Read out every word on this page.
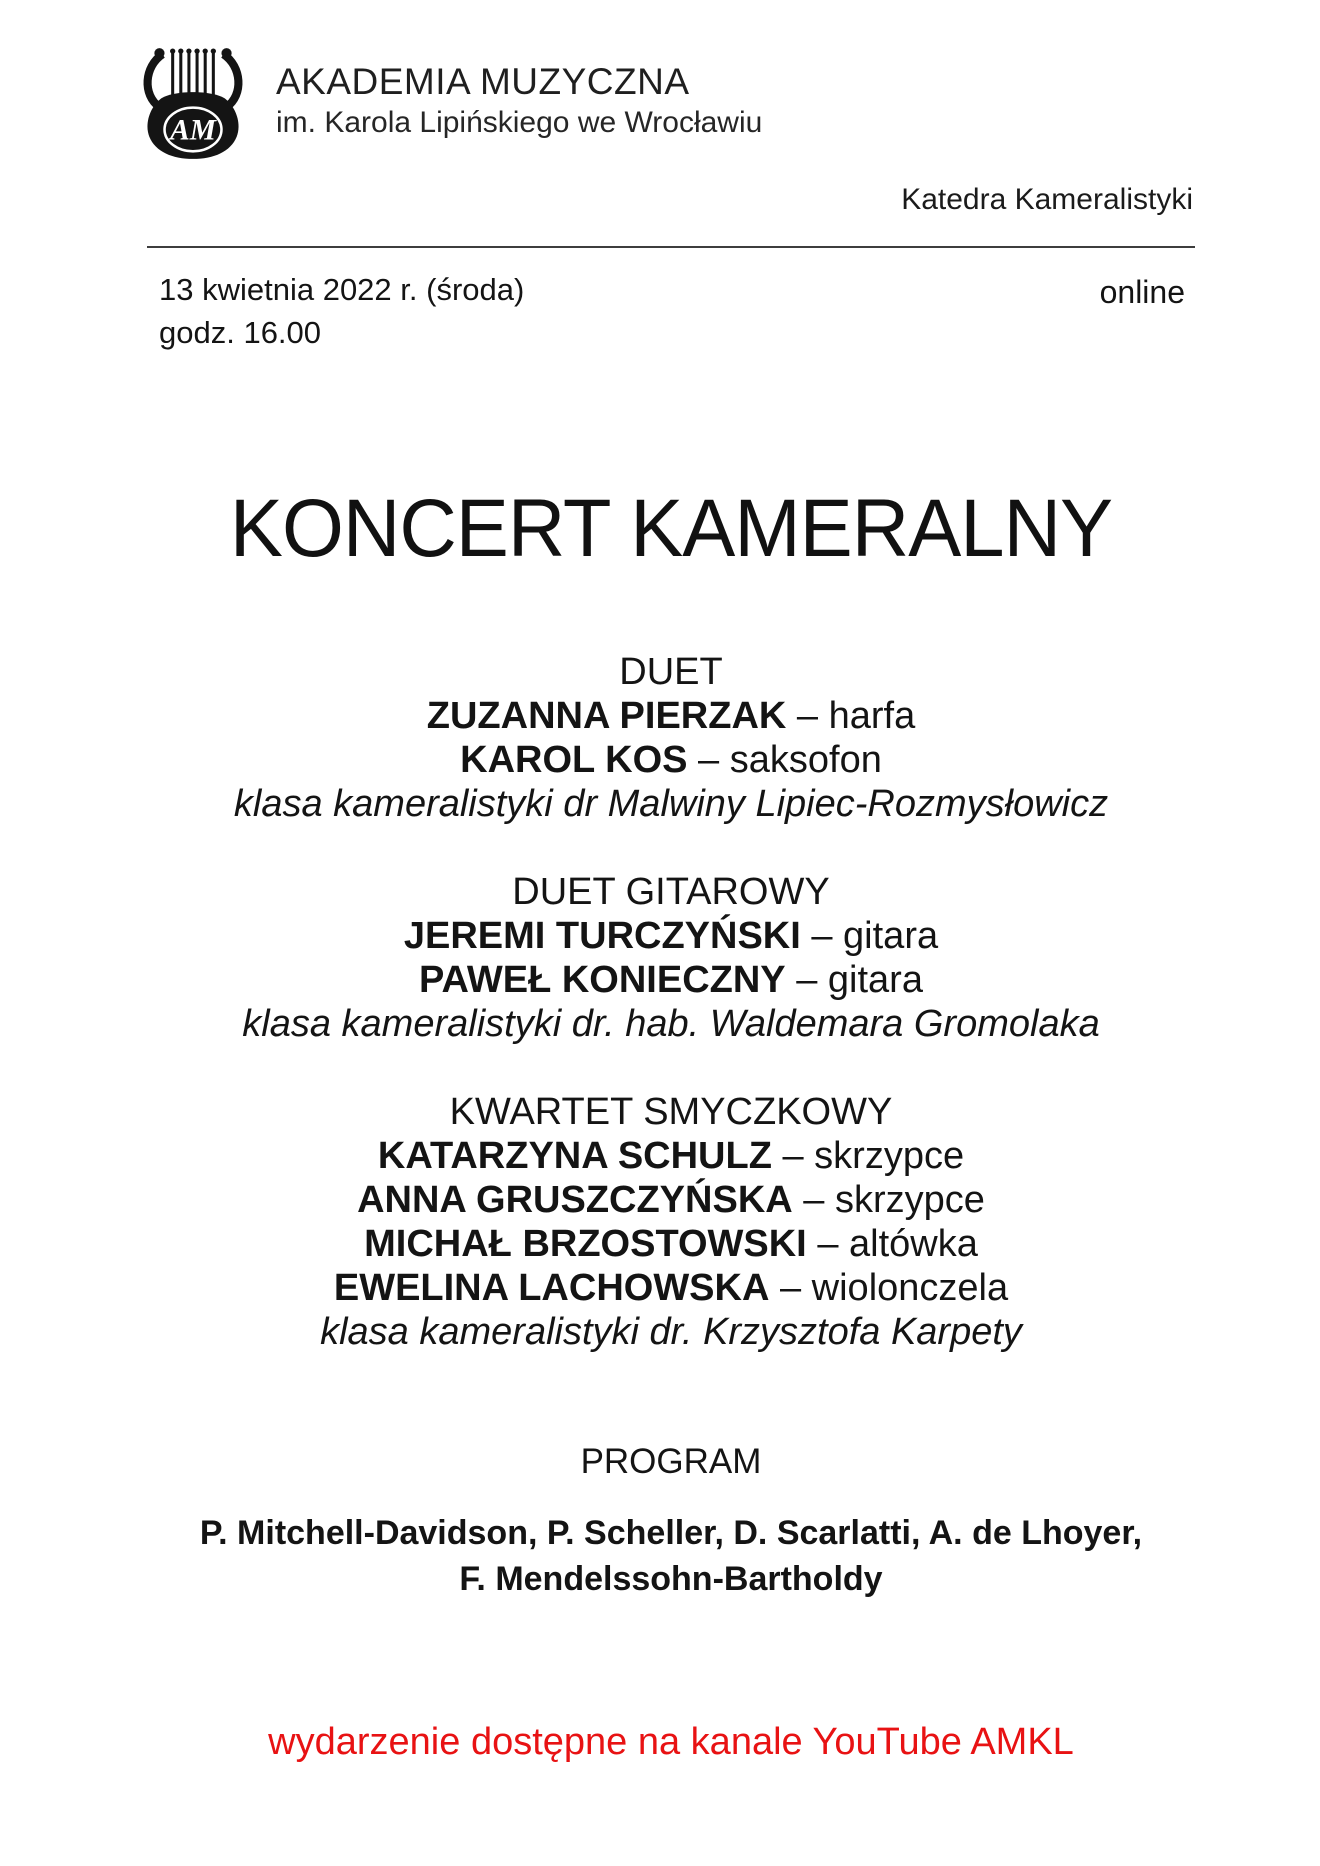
AM
AKADEMIA MUZYCZNA
im. Karola Lipińskiego we Wrocławiu
Katedra Kameralistyki
13 kwietnia 2022 r. (środa)
godz. 16.00
online
KONCERT KAMERALNY
DUET
ZUZANNA PIERZAK – harfa
KAROL KOS – saksofon
klasa kameralistyki dr Malwiny Lipiec-Rozmysłowicz
DUET GITAROWY
JEREMI TURCZYŃSKI – gitara
PAWEŁ KONIECZNY – gitara
klasa kameralistyki dr. hab. Waldemara Gromolaka
KWARTET SMYCZKOWY
KATARZYNA SCHULZ – skrzypce
ANNA GRUSZCZYŃSKA – skrzypce
MICHAŁ BRZOSTOWSKI – altówka
EWELINA LACHOWSKA – wiolonczela
klasa kameralistyki dr. Krzysztofa Karpety
PROGRAM
P. Mitchell-Davidson, P. Scheller, D. Scarlatti, A. de Lhoyer,
F. Mendelssohn-Bartholdy
wydarzenie dostępne na kanale YouTube AMKL
